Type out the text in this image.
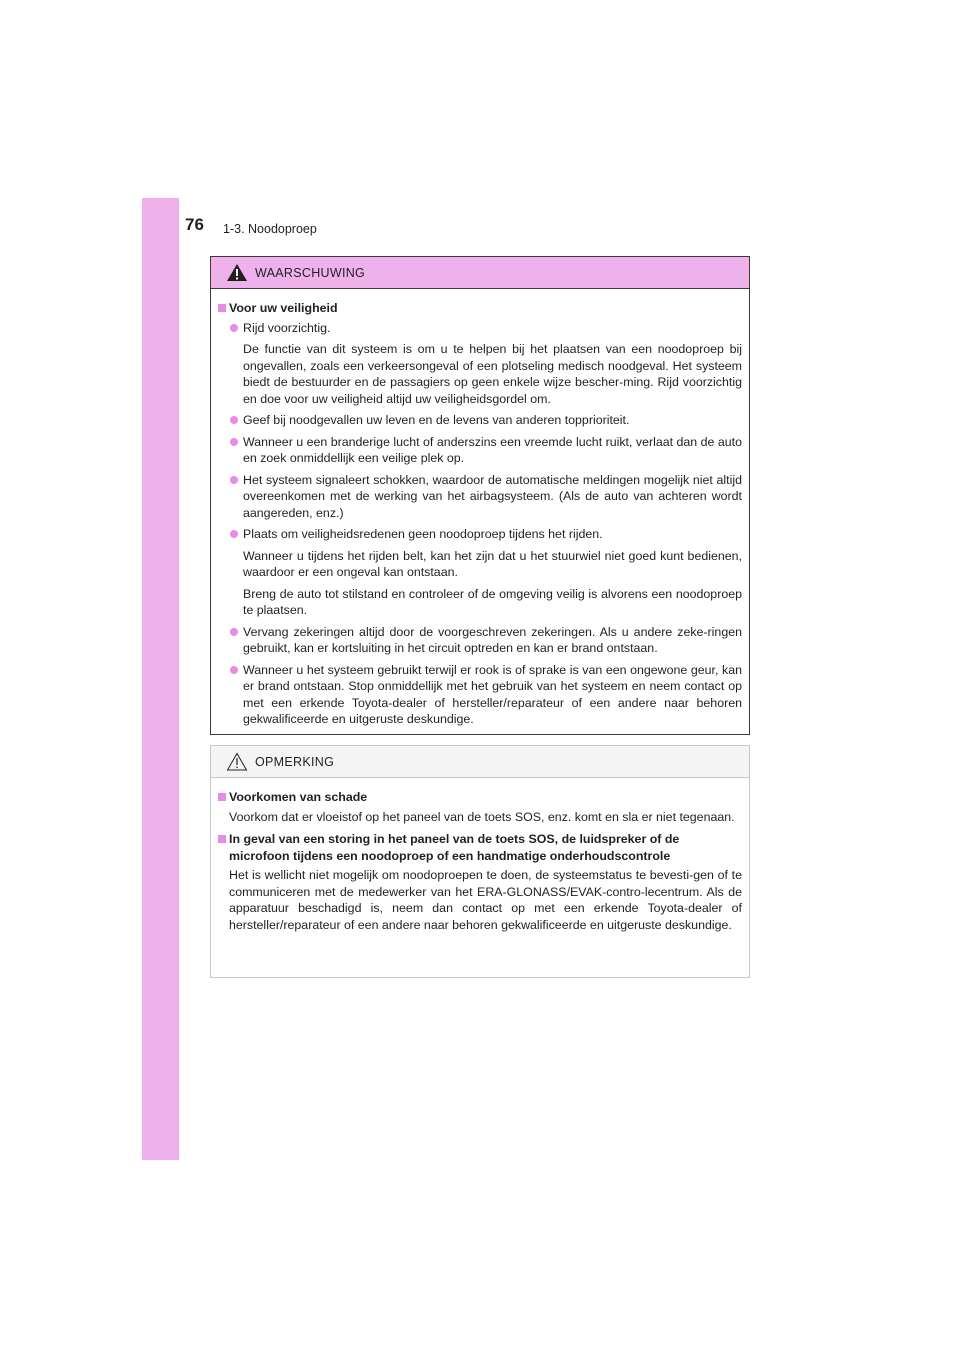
76 1-3. Noodoproep
WAARSCHUWING
Voor uw veiligheid
Rijd voorzichtig.
De functie van dit systeem is om u te helpen bij het plaatsen van een noodoproep bij ongevallen, zoals een verkeersongeval of een plotseling medisch noodgeval. Het systeem biedt de bestuurder en de passagiers op geen enkele wijze bescher-ming. Rijd voorzichtig en doe voor uw veiligheid altijd uw veiligheidsgordel om.
Geef bij noodgevallen uw leven en de levens van anderen topprioriteit.
Wanneer u een branderige lucht of anderszins een vreemde lucht ruikt, verlaat dan de auto en zoek onmiddellijk een veilige plek op.
Het systeem signaleert schokken, waardoor de automatische meldingen mogelijk niet altijd overeenkomen met de werking van het airbagsysteem. (Als de auto van achteren wordt aangereden, enz.)
Plaats om veiligheidsredenen geen noodoproep tijdens het rijden.
Wanneer u tijdens het rijden belt, kan het zijn dat u het stuurwiel niet goed kunt bedienen, waardoor er een ongeval kan ontstaan.
Breng de auto tot stilstand en controleer of de omgeving veilig is alvorens een noodoproep te plaatsen.
Vervang zekeringen altijd door de voorgeschreven zekeringen. Als u andere zeke-ringen gebruikt, kan er kortsluiting in het circuit optreden en kan er brand ontstaan.
Wanneer u het systeem gebruikt terwijl er rook is of sprake is van een ongewone geur, kan er brand ontstaan. Stop onmiddellijk met het gebruik van het systeem en neem contact op met een erkende Toyota-dealer of hersteller/reparateur of een andere naar behoren gekwalificeerde en uitgeruste deskundige.
OPMERKING
Voorkomen van schade
Voorkom dat er vloeistof op het paneel van de toets SOS, enz. komt en sla er niet tegenaan.
In geval van een storing in het paneel van de toets SOS, de luidspreker of de microfoon tijdens een noodoproep of een handmatige onderhoudscontrole
Het is wellicht niet mogelijk om noodoproepen te doen, de systeemstatus te bevesti-gen of te communiceren met de medewerker van het ERA-GLONASS/EVAK-contro-lecentrum. Als de apparatuur beschadigd is, neem dan contact op met een erkende Toyota-dealer of hersteller/reparateur of een andere naar behoren gekwalificeerde en uitgeruste deskundige.
